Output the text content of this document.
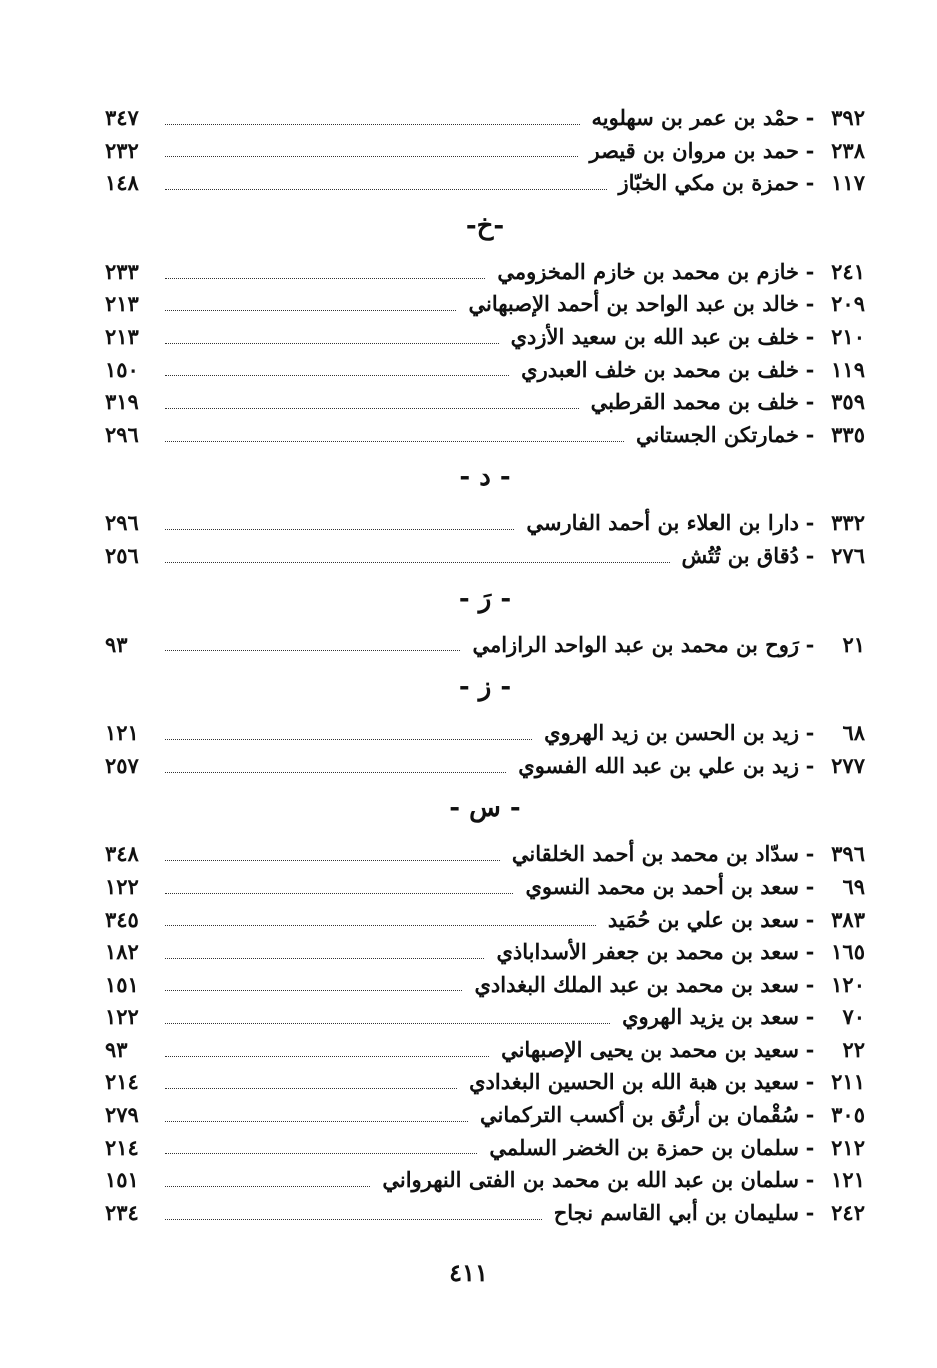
٣٩٢
-
حمْد بن عمر بن سهلويه
٣٤٧
٢٣٨
-
حمد بن مروان بن قيصر
٢٣٢
١١٧
-
حمزة بن مكي الخبّاز
١٤٨
-خ-
٢٤١
-
خازم بن محمد بن خازم المخزومي
٢٣٣
٢٠٩
-
خالد بن عبد الواحد بن أحمد الإصبهاني
٢١٣
٢١٠
-
خلف بن عبد الله بن سعيد الأزدي
٢١٣
١١٩
-
خلف بن محمد بن خلف العبدري
١٥٠
٣٥٩
-
خلف بن محمد القرطبي
٣١٩
٣٣٥
-
خمارتكن الجستاني
٢٩٦
- د -
٣٣٢
-
دارا بن العلاء بن أحمد الفارسي
٢٩٦
٢٧٦
-
دُقاق بن تُتُش
٢٥٦
- رَ -
٢١
-
رَوح بن محمد بن عبد الواحد الرازامي
٩٣
- ز -
٦٨
-
زيد بن الحسن بن زيد الهروي
١٢١
٢٧٧
-
زيد بن علي بن عبد الله الفسوي
٢٥٧
- س -
٣٩٦
-
سدّاد بن محمد بن أحمد الخلقاني
٣٤٨
٦٩
-
سعد بن أحمد بن محمد النسوي
١٢٢
٣٨٣
-
سعد بن علي بن حُمَيد
٣٤٥
١٦٥
-
سعد بن محمد بن جعفر الأسداباذي
١٨٢
١٢٠
-
سعد بن محمد بن عبد الملك البغدادي
١٥١
٧٠
-
سعد بن يزيد الهروي
١٢٢
٢٢
-
سعيد بن محمد بن يحيى الإصبهاني
٩٣
٢١١
-
سعيد بن هبة الله بن الحسين البغدادي
٢١٤
٣٠٥
-
سُقْمان بن أرتُق بن أكسب التركماني
٢٧٩
٢١٢
-
سلمان بن حمزة بن الخضر السلمي
٢١٤
١٢١
-
سلمان بن عبد الله بن محمد بن الفتى النهرواني
١٥١
٢٤٢
-
سليمان بن أبي القاسم نجاح
٢٣٤
٤١١
